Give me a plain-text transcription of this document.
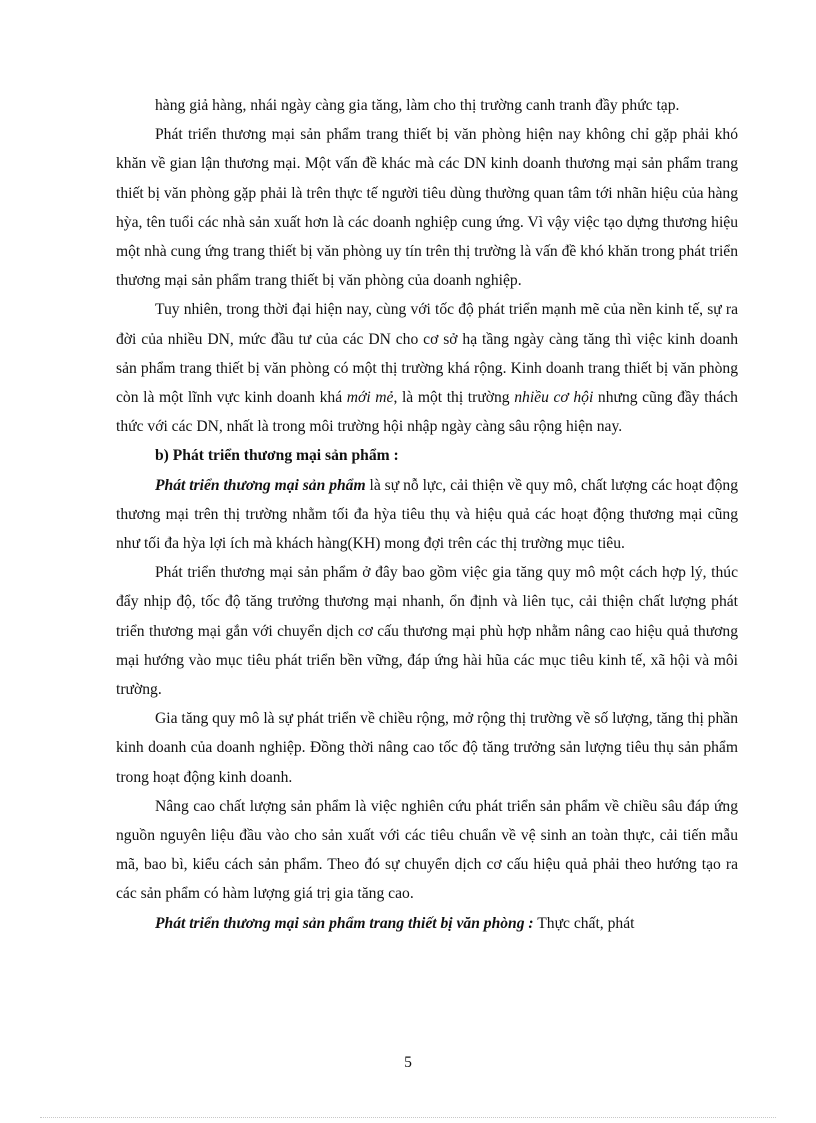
hàng giả hàng, nhái ngày càng gia tăng, làm cho thị trường canh tranh đầy phức tạp.

Phát triển thương mại sản phẩm trang thiết bị văn phòng hiện nay không chỉ gặp phải khó khăn về gian lận thương mại. Một vấn đề khác mà các DN kinh doanh thương mại sản phẩm trang thiết bị văn phòng gặp phải là trên thực tế người tiêu dùng thường quan tâm tới nhãn hiệu của hàng hỳa, tên tuổi các nhà sản xuất hơn là các doanh nghiệp cung ứng. Vì vậy việc tạo dựng thương hiệu một nhà cung ứng trang thiết bị văn phòng uy tín trên thị trường là vấn đề khó khăn trong phát triển thương mại sản phẩm trang thiết bị văn phòng của doanh nghiệp.

Tuy nhiên, trong thời đại hiện nay, cùng với tốc độ phát triển mạnh mẽ của nền kinh tế, sự ra đời của nhiều DN, mức đầu tư của các DN cho cơ sở hạ tầng ngày càng tăng thì việc kinh doanh sản phẩm trang thiết bị văn phòng có một thị trường khá rộng. Kinh doanh trang thiết bị văn phòng còn là một lĩnh vực kinh doanh khá mới mẻ, là một thị trường nhiều cơ hội nhưng cũng đầy thách thức với các DN, nhất là trong môi trường hội nhập ngày càng sâu rộng hiện nay.

b) Phát triển thương mại sản phẩm :

Phát triển thương mại sản phẩm là sự nỗ lực, cải thiện về quy mô, chất lượng các hoạt động thương mại trên thị trường nhằm tối đa hỳa tiêu thụ và hiệu quả các hoạt động thương mại cũng như tối đa hỳa lợi ích mà khách hàng(KH) mong đợi trên các thị trường mục tiêu.

Phát triển thương mại sản phẩm ở đây bao gồm việc gia tăng quy mô một cách hợp lý, thúc đẩy nhịp độ, tốc độ tăng trưởng thương mại nhanh, ổn định và liên tục, cải thiện chất lượng phát triển thương mại gắn với chuyển dịch cơ cấu thương mại phù hợp nhằm nâng cao hiệu quả thương mại hướng vào mục tiêu phát triển bền vững, đáp ứng hài hũa các mục tiêu kinh tế, xã hội và môi trường.

Gia tăng quy mô là sự phát triển về chiều rộng, mở rộng thị trường về số lượng, tăng thị phần kinh doanh của doanh nghiệp. Đồng thời nâng cao tốc độ tăng trưởng sản lượng tiêu thụ sản phẩm trong hoạt động kinh doanh.

Nâng cao chất lượng sản phẩm là việc nghiên cứu phát triển sản phẩm về chiều sâu đáp ứng nguồn nguyên liệu đầu vào cho sản xuất với các tiêu chuẩn về vệ sinh an toàn thực, cải tiến mẫu mã, bao bì, kiểu cách sản phẩm. Theo đó sự chuyển dịch cơ cấu hiệu quả phải theo hướng tạo ra các sản phẩm có hàm lượng giá trị gia tăng cao.

Phát triển thương mại sản phẩm trang thiết bị văn phòng : Thực chất, phát

5
